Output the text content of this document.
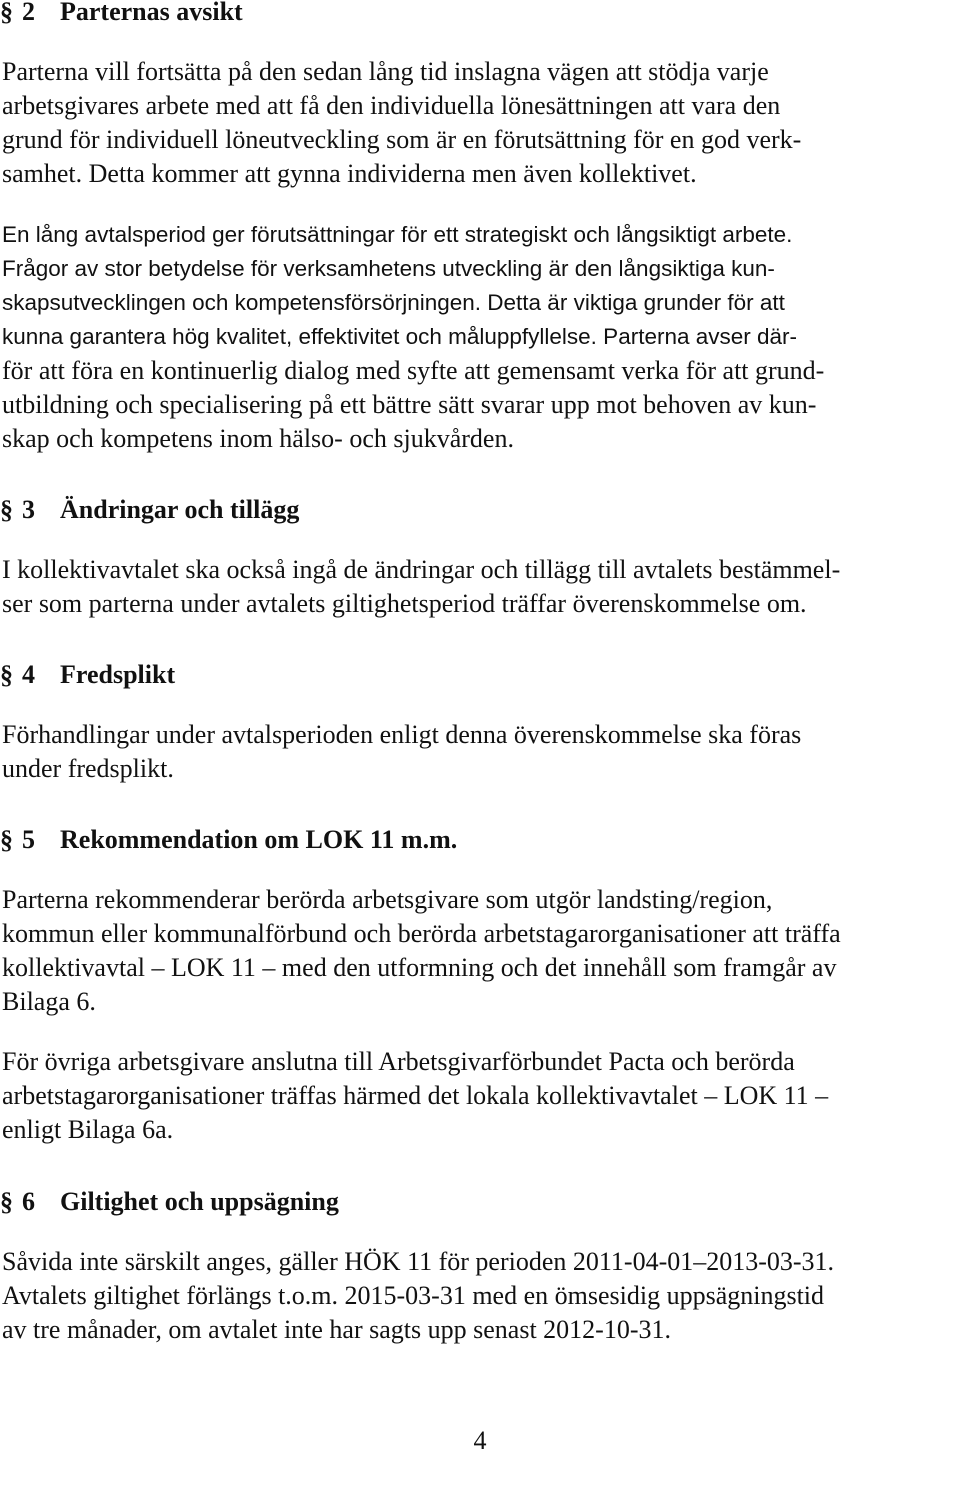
§ 2 Parternas avsikt
Parterna vill fortsätta på den sedan lång tid inslagna vägen att stödja varje
arbetsgivares arbete med att få den individuella lönesättningen att vara den
grund för individuell löneutveckling som är en förutsättning för en god verk-
samhet. Detta kommer att gynna individerna men även kollektivet.
En lång avtalsperiod ger förutsättningar för ett strategiskt och långsiktigt arbete.
Frågor av stor betydelse för verksamhetens utveckling är den långsiktiga kun-
skapsutvecklingen och kompetensförsörjningen. Detta är viktiga grunder för att
kunna garantera hög kvalitet, effektivitet och måluppfyllelse. Parterna avser där-
för att föra en kontinuerlig dialog med syfte att gemensamt verka för att grund-
utbildning och specialisering på ett bättre sätt svarar upp mot behoven av kun-
skap och kompetens inom hälso- och sjukvården.
§ 3 Ändringar och tillägg
I kollektivavtalet ska också ingå de ändringar och tillägg till avtalets bestämmel-
ser som parterna under avtalets giltighetsperiod träffar överenskommelse om.
§ 4 Fredsplikt
Förhandlingar under avtalsperioden enligt denna överenskommelse ska föras
under fredsplikt.
§ 5 Rekommendation om LOK 11 m.m.
Parterna rekommenderar berörda arbetsgivare som utgör landsting/region,
kommun eller kommunalförbund och berörda arbetstagarorganisationer att träffa
kollektivavtal – LOK 11 – med den utformning och det innehåll som framgår av
Bilaga 6.
För övriga arbetsgivare anslutna till Arbetsgivarförbundet Pacta och berörda
arbetstagarorganisationer träffas härmed det lokala kollektivavtalet – LOK 11 –
enligt Bilaga 6a.
§ 6 Giltighet och uppsägning
Såvida inte särskilt anges, gäller HÖK 11 för perioden 2011-04-01–2013-03-31.
Avtalets giltighet förlängs t.o.m. 2015-03-31 med en ömsesidig uppsägningstid
av tre månader, om avtalet inte har sagts upp senast 2012-10-31.
4
